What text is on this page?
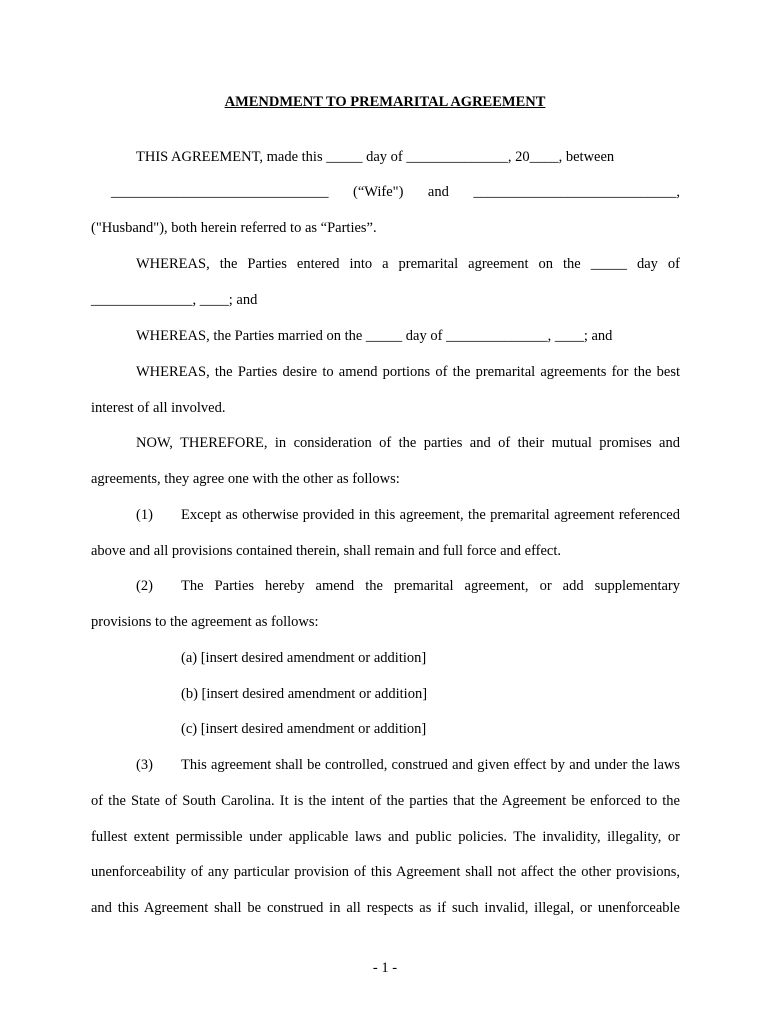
AMENDMENT TO PREMARITAL AGREEMENT
THIS AGREEMENT, made this _____ day of ______________, 20____, between
______________________________ (“Wife") and ____________________________,
("Husband"), both herein referred to as “Parties”.
WHEREAS, the Parties entered into a premarital agreement on the _____ day of
______________, ____; and
WHEREAS, the Parties married on the _____ day of ______________, ____; and
WHEREAS, the Parties desire to amend portions of the premarital agreements for the best
interest of all involved.
NOW, THEREFORE, in consideration of the parties and of their mutual promises and
agreements, they agree one with the other as follows:
(1)	Except as otherwise provided in this agreement, the premarital agreement referenced
above and all provisions contained therein, shall remain and full force and effect.
(2)	The Parties hereby amend the premarital agreement, or add supplementary
provisions to the agreement as follows:
(a) [insert desired amendment or addition]
(b) [insert desired amendment or addition]
(c) [insert desired amendment or addition]
(3)	This agreement shall be controlled, construed and given effect by and under the laws
of the State of South Carolina. It is the intent of the parties that the Agreement be enforced to the
fullest extent permissible under applicable laws and public policies. The invalidity, illegality, or
unenforceability of any particular provision of this Agreement shall not affect the other provisions,
and this Agreement shall be construed in all respects as if such invalid, illegal, or unenforceable
- 1 -
